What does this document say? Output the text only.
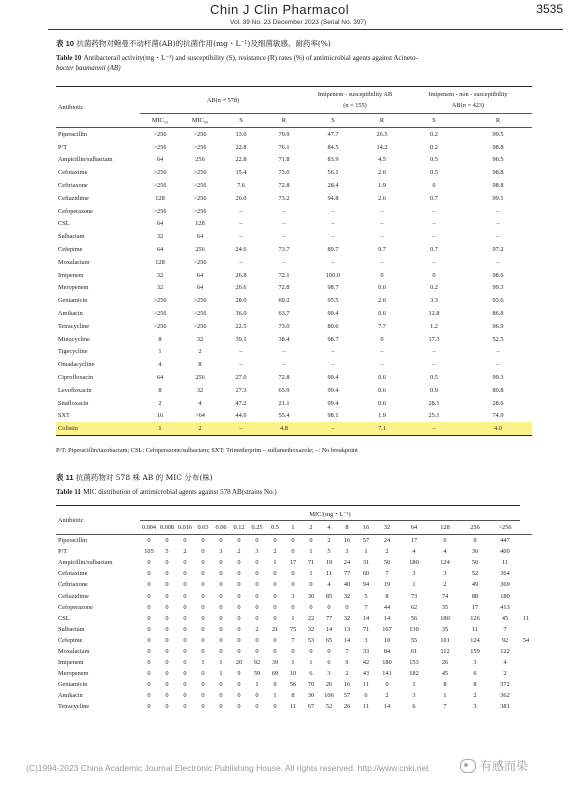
Chin J Clin Pharmacol	3535
Vol. 39 No. 23 December 2023 (Serial No. 397)
表 10 抗菌药物对鲍曼不动杆菌(AB)的抗菌作用(mg・L⁻¹)及细菌敏感、耐药率(%)
Table 10 Antibacterail activity(mg・L⁻¹) and susceptibility (S), resistance (R) rates (%) of antimicrobial agents against Acineto-
bacter baumannii (AB)
Antibiotic	AB(n = 578)				Imipenem - susceptibility AB
(n = 155)		Imipenem - non - susceptibility
AB(n = 423)	
	MIC₅₀	MIC₉₀	S	R	S	R	S	R
Piperacillin	>256	>256	13.0	79.9	47.7	26.5	0.2	99.5
P/T	>256	>256	22.8	76.1	84.5	14.2	0.2	98.8
Ampicillin/sulbactam	64	256	22.8	71.8	83.9	4.5	0.5	96.5
Cefotaxime	>256	>256	15.4	73.0	56.1	2.6	0.5	98.8
Ceftriaxone	>256	>256	7.6	72.8	28.4	1.9	0	98.8
Ceftazidime	128	>256	26.0	73.2	94.8	2.6	0.7	99.1
Cefoperazone	>256	>256	–	–	–	–	–	–
CSL	64	128	–	–	–	–	–	–
Sulbactam	32	64	–	–	–	–	–	–
Cefepime	64	256	24.6	73.7	89.7	9.7	0.7	97.2
Moxalactam	128	>256	–	–	–	–	–	–
Imipenem	32	64	26.8	72.1	100.0	0	0	98.6
Meropenem	32	64	26.6	72.8	98.7	0.6	0.2	99.3
Gentamicin	>256	>256	28.0	69.2	95.5	2.6	3.3	93.6
Amikacin	>256	>256	36.0	63.7	99.4	0.6	12.8	86.8
Tetracycline	>256	>256	22.5	73.0	80.6	7.7	1.2	96.9
Minocycline	8	32	39.1	38.4	98.7	0	17.3	52.5
Tigecycline	1	2	–	–	–	–	–	–
Omadacycline	4	8	–	–	–	–	–	–
Ciprofloxacin	64	256	27.0	72.8	99.4	0.6	0.5	99.3
Levofloxacin	8	32	27.3	65.9	99.4	0.6	0.9	89.8
Sitafloxacin	2	4	47.2	21.1	99.4	0.6	28.1	28.6
SXT	16	>64	44.6	55.4	98.1	1.9	25.1	74.9
Colistin	1	2	–	4.8	–	7.1	–	4.0
P/T: Piperacillin/tazobactam; CSL: Cefoperazone/sulbactam; SXT: Trimethoprim – sulfamethoxazole; –: No breakpoint
表 11 抗菌药物对 578 株 AB 的 MIC 分布(株)
Table 11 MIC distribution of antimicrobial agents against 578 AB(strains No.)
Antibiotic	MIC/(mg・L⁻¹)																		
	0.004	0.008	0.016	0.03	0.06	0.12	0.25	0.5	1	2	4	8	16	32	64	128	256	>256	
Piperacillin	0	0	0	0	0	0	0	0	0	0	2	16	57	24	17	6	9	447	
P/T	105	5	2	0	3	2	3	2	0	1	5	3	1	2	4	4	36	400	
Ampicillin/sulbactam	0	0	0	0	0	0	0	1	17	71	19	24	31	50	180	124	50	11	
Cefotaxime	0	0	0	0	0	0	0	0	0	1	11	77	60	7	3	3	52	364	
Ceftriaxone	0	0	0	0	0	0	0	0	0	0	4	40	94	19	1	2	49	369	
Ceftazidime	0	0	0	0	0	0	0	0	3	30	85	32	5	8	73	74	88	180	
Cefoperazone	0	0	0	0	0	0	0	0	0	0	0	0	7	44	62	35	17	413	
CSL	0	0	0	0	0	0	0	0	1	22	77	32	14	14	56	180	126	45	11
Sulbactam	0	0	0	0	0	0	2	21	75	32	14	13	71	167	130	35	11	7	
Cefepime	0	0	0	0	0	0	0	0	7	53	65	14	3	10	55	101	124	92	54
Moxalactam	0	0	0	0	0	0	0	0	0	0	0	7	33	84	61	112	159	122	
Imipenem	0	0	0	1	1	20	92	39	1	1	6	9	42	180	153	26	3	4	
Meropenem	0	0	0	0	1	9	59	69	10	6	3	2	43	141	182	45	6	2	
Gentamicin	0	0	0	0	0	0	1	9	56	70	26	16	11	0	1	8	8	372	
Amikacin	0	0	0	0	0	0	0	1	8	30	106	57	6	2	3	1	2	362	
Tetracycline	0	0	0	0	0	0	0	0	11	67	52	26	11	14	6	7	3	381	
(C)1994-2023 China Academic Journal Electronic Publishing House. All rights reserved. http://www.cnki.net	有感而染
